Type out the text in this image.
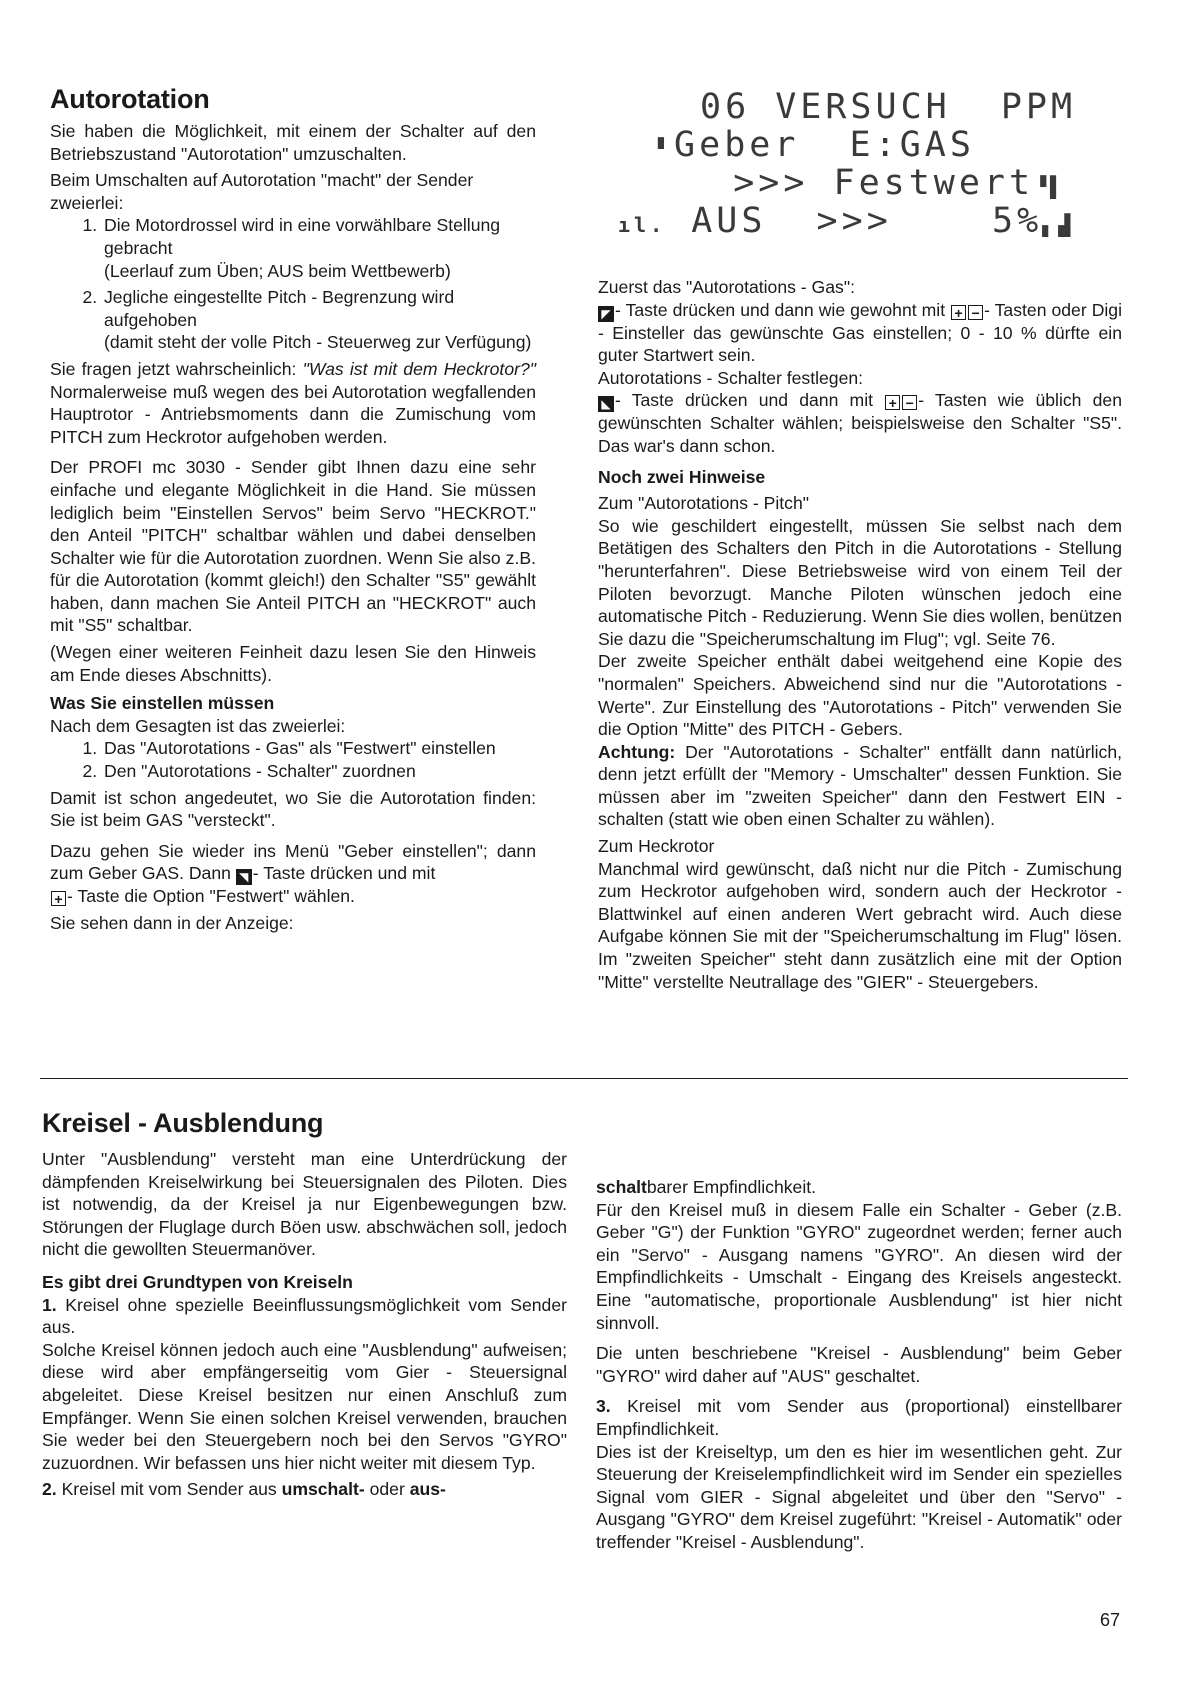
Autorotation

Sie haben die Möglichkeit, mit einem der Schalter auf den Betriebszustand "Autorotation" umzuschalten.

Beim Umschalten auf Autorotation "macht" der Sender zweierlei:

1. Die Motordrossel wird in eine vorwählbare Stellung gebracht
(Leerlauf zum Üben; AUS beim Wettbewerb)
2. Jegliche eingestellte Pitch - Begrenzung wird aufgehoben
(damit steht der volle Pitch - Steuerweg zur Verfügung)

Sie fragen jetzt wahrscheinlich: "Was ist mit dem Heckrotor?" Normalerweise muß wegen des bei Autorotation wegfallenden Hauptrotor - Antriebsmoments dann die Zumischung vom PITCH zum Heckrotor aufgehoben werden.

Der PROFI mc 3030 - Sender gibt Ihnen dazu eine sehr einfache und elegante Möglichkeit in die Hand. Sie müssen lediglich beim "Einstellen Servos" beim Servo "HECKROT." den Anteil "PITCH" schaltbar wählen und dabei denselben Schalter wie für die Autorotation zuordnen. Wenn Sie also z.B. für die Autorotation (kommt gleich!) den Schalter "S5" gewählt haben, dann machen Sie Anteil PITCH an "HECKROT" auch mit "S5" schaltbar.

(Wegen einer weiteren Feinheit dazu lesen Sie den Hinweis am Ende dieses Abschnitts).

Was Sie einstellen müssen

Nach dem Gesagten ist das zweierlei:

1. Das "Autorotations - Gas" als "Festwert" einstellen
2. Den "Autorotations - Schalter" zuordnen

Damit ist schon angedeutet, wo Sie die Autorotation finden: Sie ist beim GAS "versteckt".

Dazu gehen Sie wieder ins Menü "Geber einstellen"; dann zum Geber GAS. Dann ◥ - Taste drücken und mit
+ - Taste die Option "Festwert" wählen.

Sie sehen dann in der Anzeige:

06 VERSUCH  PPM
▘Geber  E:GAS
>>> Festwert▝▌
ıl. AUS  >>>    5%▖▟

Zuerst das "Autorotations - Gas":

◤ - Taste drücken und dann wie gewohnt mit + − - Tasten oder Digi - Einsteller das gewünschte Gas einstellen; 0 - 10 % dürfte ein guter Startwert sein.

Autorotations - Schalter festlegen:

◣ - Taste drücken und dann mit + − - Tasten wie üblich den gewünschten Schalter wählen; beispielsweise den Schalter "S5". Das war's dann schon.

Noch zwei Hinweise

Zum "Autorotations - Pitch"

So wie geschildert eingestellt, müssen Sie selbst nach dem Betätigen des Schalters den Pitch in die Autorotations - Stellung "herunterfahren". Diese Betriebsweise wird von einem Teil der Piloten bevorzugt. Manche Piloten wünschen jedoch eine automatische Pitch - Reduzierung. Wenn Sie dies wollen, benützen Sie dazu die "Speicherumschaltung im Flug"; vgl. Seite 76.

Der zweite Speicher enthält dabei weitgehend eine Kopie des "normalen" Speichers. Abweichend sind nur die "Autorotations - Werte". Zur Einstellung des "Autorotations - Pitch" verwenden Sie die Option "Mitte" des PITCH - Gebers.

Achtung: Der "Autorotations - Schalter" entfällt dann natürlich, denn jetzt erfüllt der "Memory - Umschalter" dessen Funktion. Sie müssen aber im "zweiten Speicher" dann den Festwert EIN - schalten (statt wie oben einen Schalter zu wählen).

Zum Heckrotor

Manchmal wird gewünscht, daß nicht nur die Pitch - Zumischung zum Heckrotor aufgehoben wird, sondern auch der Heckrotor - Blattwinkel auf einen anderen Wert gebracht wird. Auch diese Aufgabe können Sie mit der "Speicherumschaltung im Flug" lösen. Im "zweiten Speicher" steht dann zusätzlich eine mit der Option "Mitte" verstellte Neutrallage des "GIER" - Steuergebers.

Kreisel - Ausblendung

Unter "Ausblendung" versteht man eine Unterdrückung der dämpfenden Kreiselwirkung bei Steuersignalen des Piloten. Dies ist notwendig, da der Kreisel ja nur Eigenbewegungen bzw. Störungen der Fluglage durch Böen usw. abschwächen soll, jedoch nicht die gewollten Steuermanöver.

Es gibt drei Grundtypen von Kreiseln

1. Kreisel ohne spezielle Beeinflussungsmöglichkeit vom Sender aus.

Solche Kreisel können jedoch auch eine "Ausblendung" aufweisen; diese wird aber empfängerseitig vom Gier - Steuersignal abgeleitet. Diese Kreisel besitzen nur einen Anschluß zum Empfänger. Wenn Sie einen solchen Kreisel verwenden, brauchen Sie weder bei den Steuergebern noch bei den Servos "GYRO" zuzuordnen. Wir befassen uns hier nicht weiter mit diesem Typ.

2. Kreisel mit vom Sender aus umschalt- oder aus-

schaltbarer Empfindlichkeit.

Für den Kreisel muß in diesem Falle ein Schalter - Geber (z.B. Geber "G") der Funktion "GYRO" zugeordnet werden; ferner auch ein "Servo" - Ausgang namens "GYRO". An diesen wird der Empfindlichkeits - Umschalt - Eingang des Kreisels angesteckt. Eine "automatische, proportionale Ausblendung" ist hier nicht sinnvoll.

Die unten beschriebene "Kreisel - Ausblendung" beim Geber "GYRO" wird daher auf "AUS" geschaltet.

3. Kreisel mit vom Sender aus (proportional) einstellbarer Empfindlichkeit.

Dies ist der Kreiseltyp, um den es hier im wesentlichen geht. Zur Steuerung der Kreiselempfindlichkeit wird im Sender ein spezielles Signal vom GIER - Signal abgeleitet und über den "Servo" - Ausgang "GYRO" dem Kreisel zugeführt: "Kreisel - Automatik" oder treffender "Kreisel - Ausblendung".

67
